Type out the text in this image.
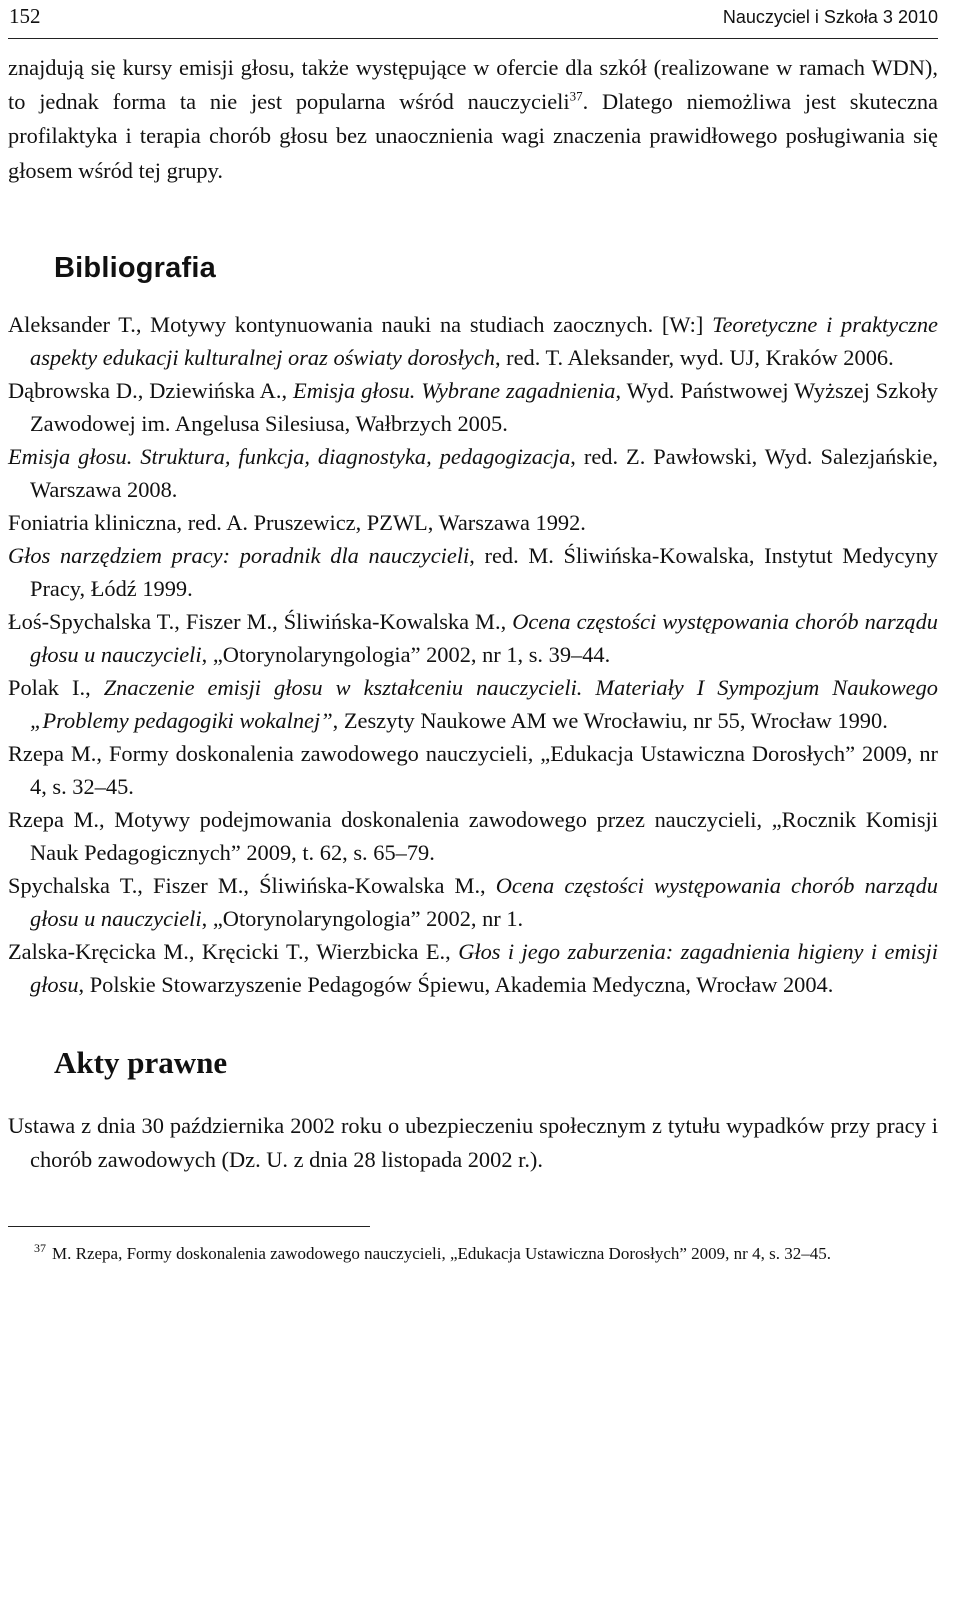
152	Nauczyciel i Szkoła 3 2010

znajdują się kursy emisji głosu, także występujące w ofercie dla szkół (realizowane w ramach WDN), to jednak forma ta nie jest popularna wśród nauczycieli$^{37}$. Dlatego niemożliwa jest skuteczna profilaktyka i terapia chorób głosu bez unaocznienia wagi znaczenia prawidłowego posługiwania się głosem wśród tej grupy.

Bibliografia
Aleksander T., Motywy kontynuowania nauki na studiach zaocznych. [W:] Teoretyczne i praktyczne aspekty edukacji kulturalnej oraz oświaty dorosłych, red. T. Aleksander, wyd. UJ, Kraków 2006.
Dąbrowska D., Dziewińska A., Emisja głosu. Wybrane zagadnienia, Wyd. Państwowej Wyższej Szkoły Zawodowej im. Angelusa Silesiusa, Wałbrzych 2005.
Emisja głosu. Struktura, funkcja, diagnostyka, pedagogizacja, red. Z. Pawłowski, Wyd. Salezjańskie, Warszawa 2008.
Foniatria kliniczna, red. A. Pruszewicz, PZWL, Warszawa 1992.
Głos narzędziem pracy: poradnik dla nauczycieli, red. M. Śliwińska-Kowalska, Instytut Medycyny Pracy, Łódź 1999.
Łoś-Spychalska T., Fiszer M., Śliwińska-Kowalska M., Ocena częstości występowania chorób narządu głosu u nauczycieli, „Otorynolaryngologia” 2002, nr 1, s. 39–44.
Polak I., Znaczenie emisji głosu w kształceniu nauczycieli. Materiały I Sympozjum Naukowego „Problemy pedagogiki wokalnej”, Zeszyty Naukowe AM we Wrocławiu, nr 55, Wrocław 1990.
Rzepa M., Formy doskonalenia zawodowego nauczycieli, „Edukacja Ustawiczna Dorosłych” 2009, nr 4, s. 32–45.
Rzepa M., Motywy podejmowania doskonalenia zawodowego przez nauczycieli, „Rocznik Komisji Nauk Pedagogicznych” 2009, t. 62, s. 65–79.
Spychalska T., Fiszer M., Śliwińska-Kowalska M., Ocena częstości występowania chorób narządu głosu u nauczycieli, „Otorynolaryngologia” 2002, nr 1.
Zalska-Kręcicka M., Kręcicki T., Wierzbicka E., Głos i jego zaburzenia: zagadnienia higieny i emisji głosu, Polskie Stowarzyszenie Pedagogów Śpiewu, Akademia Medyczna, Wrocław 2004.
Akty prawne
Ustawa z dnia 30 października 2002 roku o ubezpieczeniu społecznym z tytułu wypadków przy pracy i chorób zawodowych (Dz. U. z dnia 28 listopada 2002 r.).

$^{37}$ M. Rzepa, Formy doskonalenia zawodowego nauczycieli, „Edukacja Ustawiczna Dorosłych” 2009, nr 4, s. 32–45.
